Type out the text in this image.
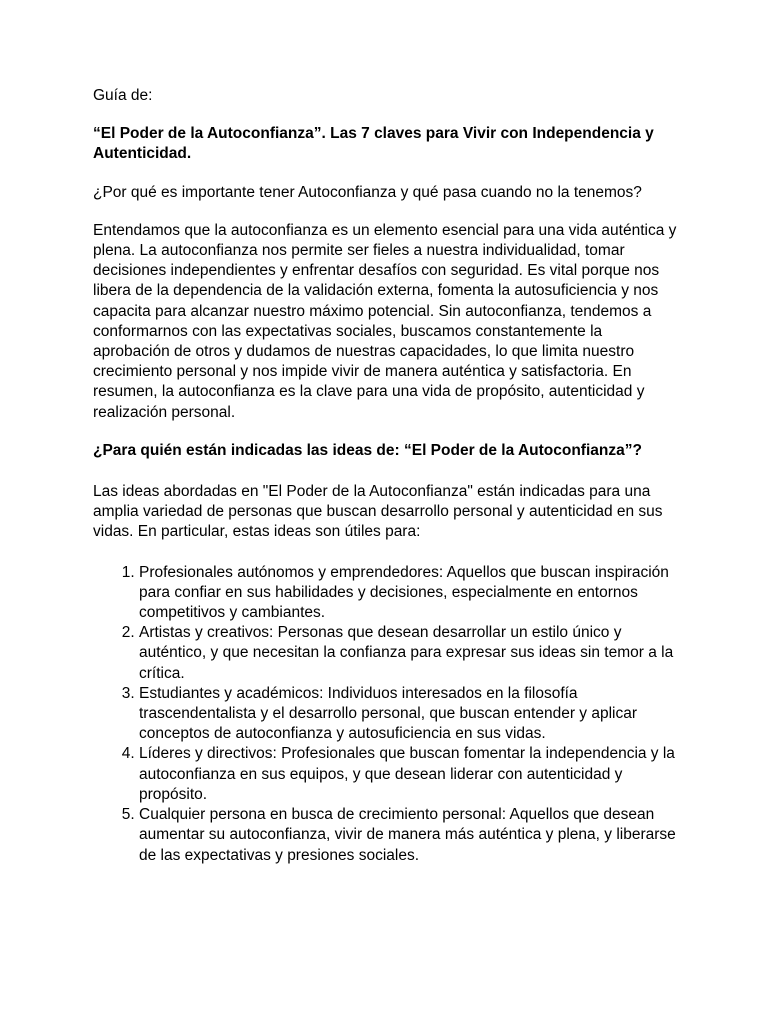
Guía de:

“El Poder de la Autoconfianza”. Las 7 claves para Vivir con Independencia y Autenticidad.

¿Por qué es importante tener Autoconfianza y qué pasa cuando no la tenemos?

Entendamos que la autoconfianza es un elemento esencial para una vida auténtica y plena. La autoconfianza nos permite ser fieles a nuestra individualidad, tomar decisiones independientes y enfrentar desafíos con seguridad. Es vital porque nos libera de la dependencia de la validación externa, fomenta la autosuficiencia y nos capacita para alcanzar nuestro máximo potencial. Sin autoconfianza, tendemos a conformarnos con las expectativas sociales, buscamos constantemente la aprobación de otros y dudamos de nuestras capacidades, lo que limita nuestro crecimiento personal y nos impide vivir de manera auténtica y satisfactoria. En resumen, la autoconfianza es la clave para una vida de propósito, autenticidad y realización personal.

¿Para quién están indicadas las ideas de: “El Poder de la Autoconfianza”?

Las ideas abordadas en "El Poder de la Autoconfianza" están indicadas para una amplia variedad de personas que buscan desarrollo personal y autenticidad en sus vidas. En particular, estas ideas son útiles para:

1. Profesionales autónomos y emprendedores: Aquellos que buscan inspiración para confiar en sus habilidades y decisiones, especialmente en entornos competitivos y cambiantes.
2. Artistas y creativos: Personas que desean desarrollar un estilo único y auténtico, y que necesitan la confianza para expresar sus ideas sin temor a la crítica.
3. Estudiantes y académicos: Individuos interesados en la filosofía trascendentalista y el desarrollo personal, que buscan entender y aplicar conceptos de autoconfianza y autosuficiencia en sus vidas.
4. Líderes y directivos: Profesionales que buscan fomentar la independencia y la autoconfianza en sus equipos, y que desean liderar con autenticidad y propósito.
5. Cualquier persona en busca de crecimiento personal: Aquellos que desean aumentar su autoconfianza, vivir de manera más auténtica y plena, y liberarse de las expectativas y presiones sociales.
